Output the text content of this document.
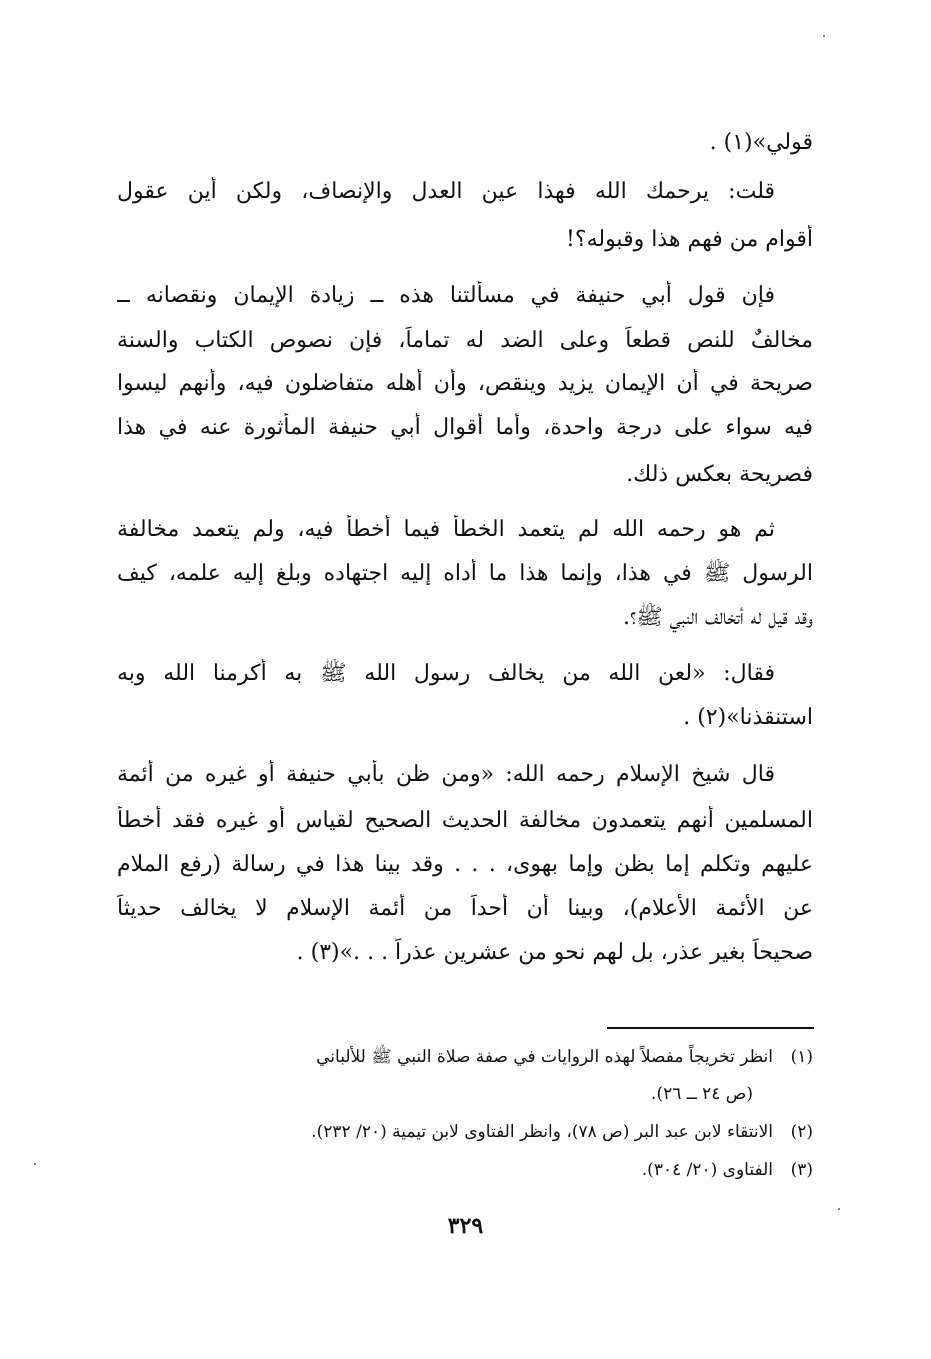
قولي»(١) .
قلت: يرحمك الله فهذا عين العدل والإنصاف، ولكن أين عقول
أقوام من فهم هذا وقبوله؟!
فإن قول أبي حنيفة في مسألتنا هذه ــ زيادة الإيمان ونقصانه ــ
مخالفٌ للنص قطعاً وعلى الضد له تماماً، فإن نصوص الكتاب والسنة
صريحة في أن الإيمان يزيد وينقص، وأن أهله متفاضلون فيه، وأنهم ليسوا
فيه سواء على درجة واحدة، وأما أقوال أبي حنيفة المأثورة عنه في هذا
فصريحة بعكس ذلك.
ثم هو رحمه الله لم يتعمد الخطأ فيما أخطأ فيه، ولم يتعمد مخالفة
الرسول ﷺ في هذا، وإنما هذا ما أداه إليه اجتهاده وبلغ إليه علمه، كيف
وقد قيل له أتخالف النبي ﷺ؟.
فقال: «لعن الله من يخالف رسول الله ﷺ به أكرمنا الله وبه
استنقذنا»(٢) .
قال شيخ الإسلام رحمه الله: «ومن ظن بأبي حنيفة أو غيره من أئمة
المسلمين أنهم يتعمدون مخالفة الحديث الصحيح لقياس أو غيره فقد أخطأ
عليهم وتكلم إما بظن وإما بهوى، . . . وقد بينا هذا في رسالة (رفع الملام
عن الأئمة الأعلام)، وبينا أن أحداً من أئمة الإسلام لا يخالف حديثاً
صحيحاً بغير عذر، بل لهم نحو من عشرين عذراً . . .»(٣) .
(١)انظر تخريجاً مفصلاً لهذه الروايات في صفة صلاة النبي ﷺ للألباني
(ص ٢٤ ــ ٢٦).
(٢)الانتقاء لابن عبد البر (ص ٧٨)، وانظر الفتاوى لابن تيمية (٢٠/ ٢٣٢).
(٣)الفتاوى (٢٠/ ٣٠٤).
٣٢٩
